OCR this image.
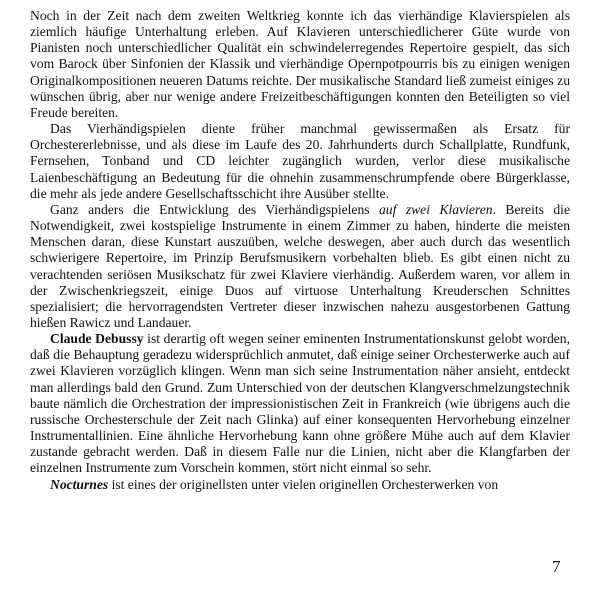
Noch in der Zeit nach dem zweiten Weltkrieg konnte ich das vierhändige Klavierspielen als ziemlich häufige Unterhaltung erleben. Auf Klavieren unterschiedlicherer Güte wurde von Pianisten noch unterschiedlicher Qualität ein schwindelerregendes Repertoire gespielt, das sich vom Barock über Sinfonien der Klassik und vierhändige Opernpotpourris bis zu einigen wenigen Originalkompositionen neueren Datums reichte. Der musikalische Standard ließ zumeist einiges zu wünschen übrig, aber nur wenige andere Freizeitbeschäftigungen konnten den Beteiligten so viel Freude bereiten.

Das Vierhändigspielen diente früher manchmal gewissermaßen als Ersatz für Orchestererlebnisse, und als diese im Laufe des 20. Jahrhunderts durch Schallplatte, Rundfunk, Fernsehen, Tonband und CD leichter zugänglich wurden, verlor diese musikalische Laienbeschäftigung an Bedeutung für die ohnehin zusammenschrumpfende obere Bürgerklasse, die mehr als jede andere Gesellschaftsschicht ihre Ausüber stellte.

Ganz anders die Entwicklung des Vierhändigspielens auf zwei Klavieren. Bereits die Notwendigkeit, zwei kostspielige Instrumente in einem Zimmer zu haben, hinderte die meisten Menschen daran, diese Kunstart auszuüben, welche deswegen, aber auch durch das wesentlich schwierigere Repertoire, im Prinzip Berufsmusikern vorbehalten blieb. Es gibt einen nicht zu verachtenden seriösen Musikschatz für zwei Klaviere vierhändig. Außerdem waren, vor allem in der Zwischenkriegszeit, einige Duos auf virtuose Unterhaltung Kreuderschen Schnittes spezialisiert; die hervorragendsten Vertreter dieser inzwischen nahezu ausgestorbenen Gattung hießen Rawicz und Landauer.

Claude Debussy ist derartig oft wegen seiner eminenten Instrumentationskunst gelobt worden, daß die Behauptung geradezu widersprüchlich anmutet, daß einige seiner Orchesterwerke auch auf zwei Klavieren vorzüglich klingen. Wenn man sich seine Instrumentation näher ansieht, entdeckt man allerdings bald den Grund. Zum Unterschied von der deutschen Klangverschmelzungstechnik baute nämlich die Orchestration der impressionistischen Zeit in Frankreich (wie übrigens auch die russische Orchesterschule der Zeit nach Glinka) auf einer konsequenten Hervorhebung einzelner Instrumentallinien. Eine ähnliche Hervorhebung kann ohne größere Mühe auch auf dem Klavier zustande gebracht werden. Daß in diesem Falle nur die Linien, nicht aber die Klangfarben der einzelnen Instrumente zum Vorschein kommen, stört nicht einmal so sehr.

Nocturnes ist eines der originellsten unter vielen originellen Orchesterwerken von

7
